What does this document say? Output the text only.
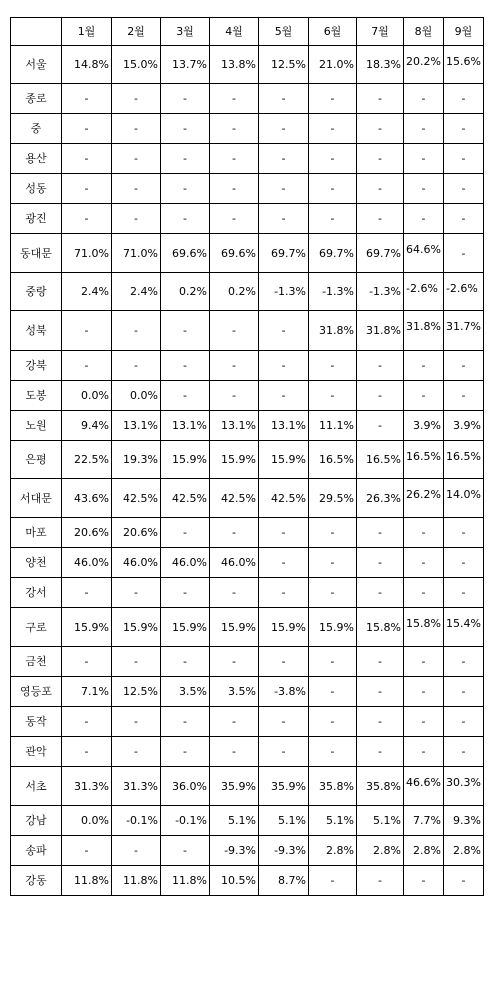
	1월	2월	3월	4월	5월	6월	7월	8월	9월
서울	14.8%	15.0%	13.7%	13.8%	12.5%	21.0%	18.3%	20.2%	15.6%
종로	-	-	-	-	-	-	-	-	-
중	-	-	-	-	-	-	-	-	-
용산	-	-	-	-	-	-	-	-	-
성동	-	-	-	-	-	-	-	-	-
광진	-	-	-	-	-	-	-	-	-
동대문	71.0%	71.0%	69.6%	69.6%	69.7%	69.7%	69.7%	64.6%	-
중랑	2.4%	2.4%	0.2%	0.2%	-1.3%	-1.3%	-1.3%	-2.6%	-2.6%
성북	-	-	-	-	-	31.8%	31.8%	31.8%	31.7%
강북	-	-	-	-	-	-	-	-	-
도봉	0.0%	0.0%	-	-	-	-	-	-	-
노원	9.4%	13.1%	13.1%	13.1%	13.1%	11.1%	-	3.9%	3.9%
은평	22.5%	19.3%	15.9%	15.9%	15.9%	16.5%	16.5%	16.5%	16.5%
서대문	43.6%	42.5%	42.5%	42.5%	42.5%	29.5%	26.3%	26.2%	14.0%
마포	20.6%	20.6%	-	-	-	-	-	-	-
양천	46.0%	46.0%	46.0%	46.0%	-	-	-	-	-
강서	-	-	-	-	-	-	-	-	-
구로	15.9%	15.9%	15.9%	15.9%	15.9%	15.9%	15.8%	15.8%	15.4%
금천	-	-	-	-	-	-	-	-	-
영등포	7.1%	12.5%	3.5%	3.5%	-3.8%	-	-	-	-
동작	-	-	-	-	-	-	-	-	-
관악	-	-	-	-	-	-	-	-	-
서초	31.3%	31.3%	36.0%	35.9%	35.9%	35.8%	35.8%	46.6%	30.3%
강남	0.0%	-0.1%	-0.1%	5.1%	5.1%	5.1%	5.1%	7.7%	9.3%
송파	-	-	-	-9.3%	-9.3%	2.8%	2.8%	2.8%	2.8%
강동	11.8%	11.8%	11.8%	10.5%	8.7%	-	-	-	-
